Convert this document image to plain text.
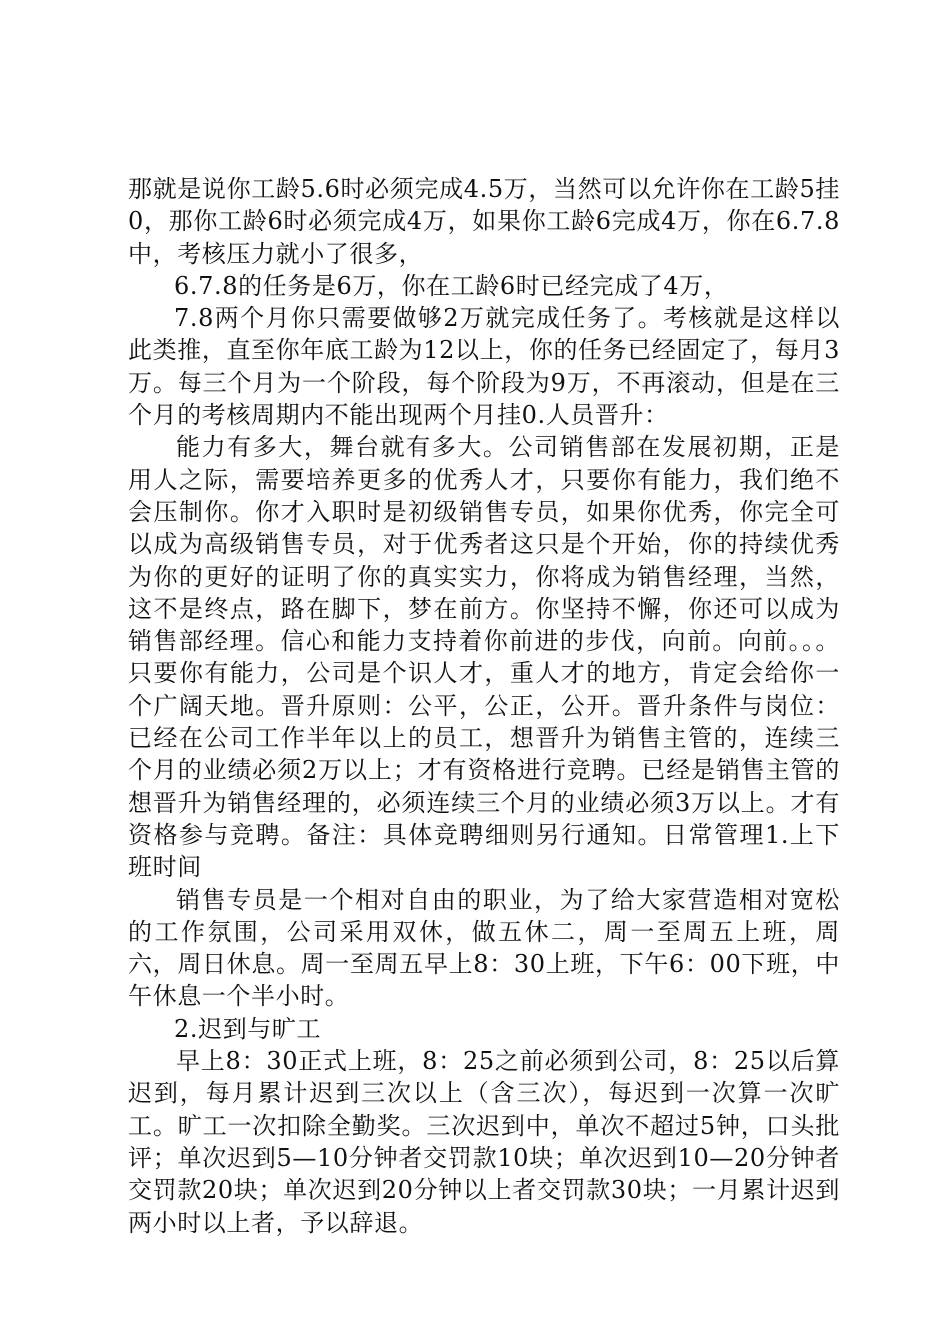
那就是说你工龄5.6时必须完成4.5万，当然可以允许你在工龄5挂0，那你工龄6时必须完成4万，如果你工龄6完成4万，你在6.7.8中，考核压力就小了很多，

6.7.8的任务是6万，你在工龄6时已经完成了4万，

7.8两个月你只需要做够2万就完成任务了。考核就是这样以此类推，直至你年底工龄为12以上，你的任务已经固定了，每月3万。每三个月为一个阶段，每个阶段为9万，不再滚动，但是在三个月的考核周期内不能出现两个月挂0.人员晋升：

能力有多大，舞台就有多大。公司销售部在发展初期，正是用人之际，需要培养更多的优秀人才，只要你有能力，我们绝不会压制你。你才入职时是初级销售专员，如果你优秀，你完全可以成为高级销售专员，对于优秀者这只是个开始，你的持续优秀为你的更好的证明了你的真实实力，你将成为销售经理，当然，这不是终点，路在脚下，梦在前方。你坚持不懈，你还可以成为销售部经理。信心和能力支持着你前进的步伐，向前。向前。。。只要你有能力，公司是个识人才，重人才的地方，肯定会给你一个广阔天地。晋升原则：公平，公正，公开。晋升条件与岗位：已经在公司工作半年以上的员工，想晋升为销售主管的，连续三个月的业绩必须2万以上；才有资格进行竞聘。已经是销售主管的想晋升为销售经理的，必须连续三个月的业绩必须3万以上。才有资格参与竞聘。备注：具体竞聘细则另行通知。日常管理1.上下班时间

销售专员是一个相对自由的职业，为了给大家营造相对宽松的工作氛围，公司采用双休，做五休二，周一至周五上班，周六，周日休息。周一至周五早上8：30上班，下午6：00下班，中午休息一个半小时。

2.迟到与旷工

早上8：30正式上班，8：25之前必须到公司，8：25以后算迟到，每月累计迟到三次以上（含三次），每迟到一次算一次旷工。旷工一次扣除全勤奖。三次迟到中，单次不超过5钟，口头批评；单次迟到5—10分钟者交罚款10块；单次迟到10—20分钟者交罚款20块；单次迟到20分钟以上者交罚款30块；一月累计迟到两小时以上者，予以辞退。
